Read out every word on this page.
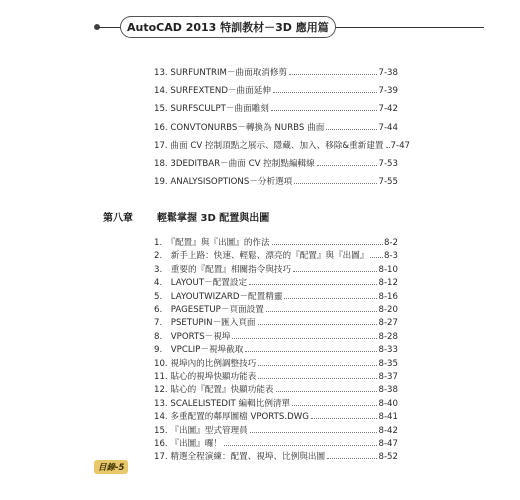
AutoCAD 2013 特訓教材－3D 應用篇
13. SURFUNTRIM－曲面取消修剪	7-38
14. SURFEXTEND－曲面延伸	7-39
15. SURFSCULPT－曲面雕刻	7-42
16. CONVTONURBS－轉換為 NURBS 曲面	7-44
17. 曲面 CV 控制頂點之展示、隱藏、加入、移除&重新建置 7-47
18. 3DEDITBAR－曲面 CV 控制點編輯線	7-53
19. ANALYSISOPTIONS－分析選項	7-55
第八章 輕鬆掌握 3D 配置與出圖
1.　『配置』與『出圖』的作法	8-2
2.　新手上路：快速、輕鬆、漂亮的『配置』與『出圖』 8-3
3.　重要的『配置』相關指令與技巧	8-10
4.　LAYOUT－配置設定	8-12
5.　LAYOUTWIZARD－配置精靈	8-16
6.　PAGESETUP－頁面設置	8-20
7.　PSETUPIN－匯入頁面	8-27
8.　VPORTS－視埠	8-28
9.　VPCLIP－視埠截取	8-33
10. 視埠內的比例調整技巧	8-35
11. 貼心的視埠快顯功能表	8-37
12. 貼心的『配置』快顯功能表	8-38
13. SCALELISTEDIT 編輯比例清單	8-40
14. 多重配置的鄰厚圖檔 VPORTS.DWG	8-41
15. 『出圖』型式管理員	8-42
16. 『出圖』囉！	8-47
17. 精選全程演練：配置、視埠、比例與出圖	8-52
目錄-5
